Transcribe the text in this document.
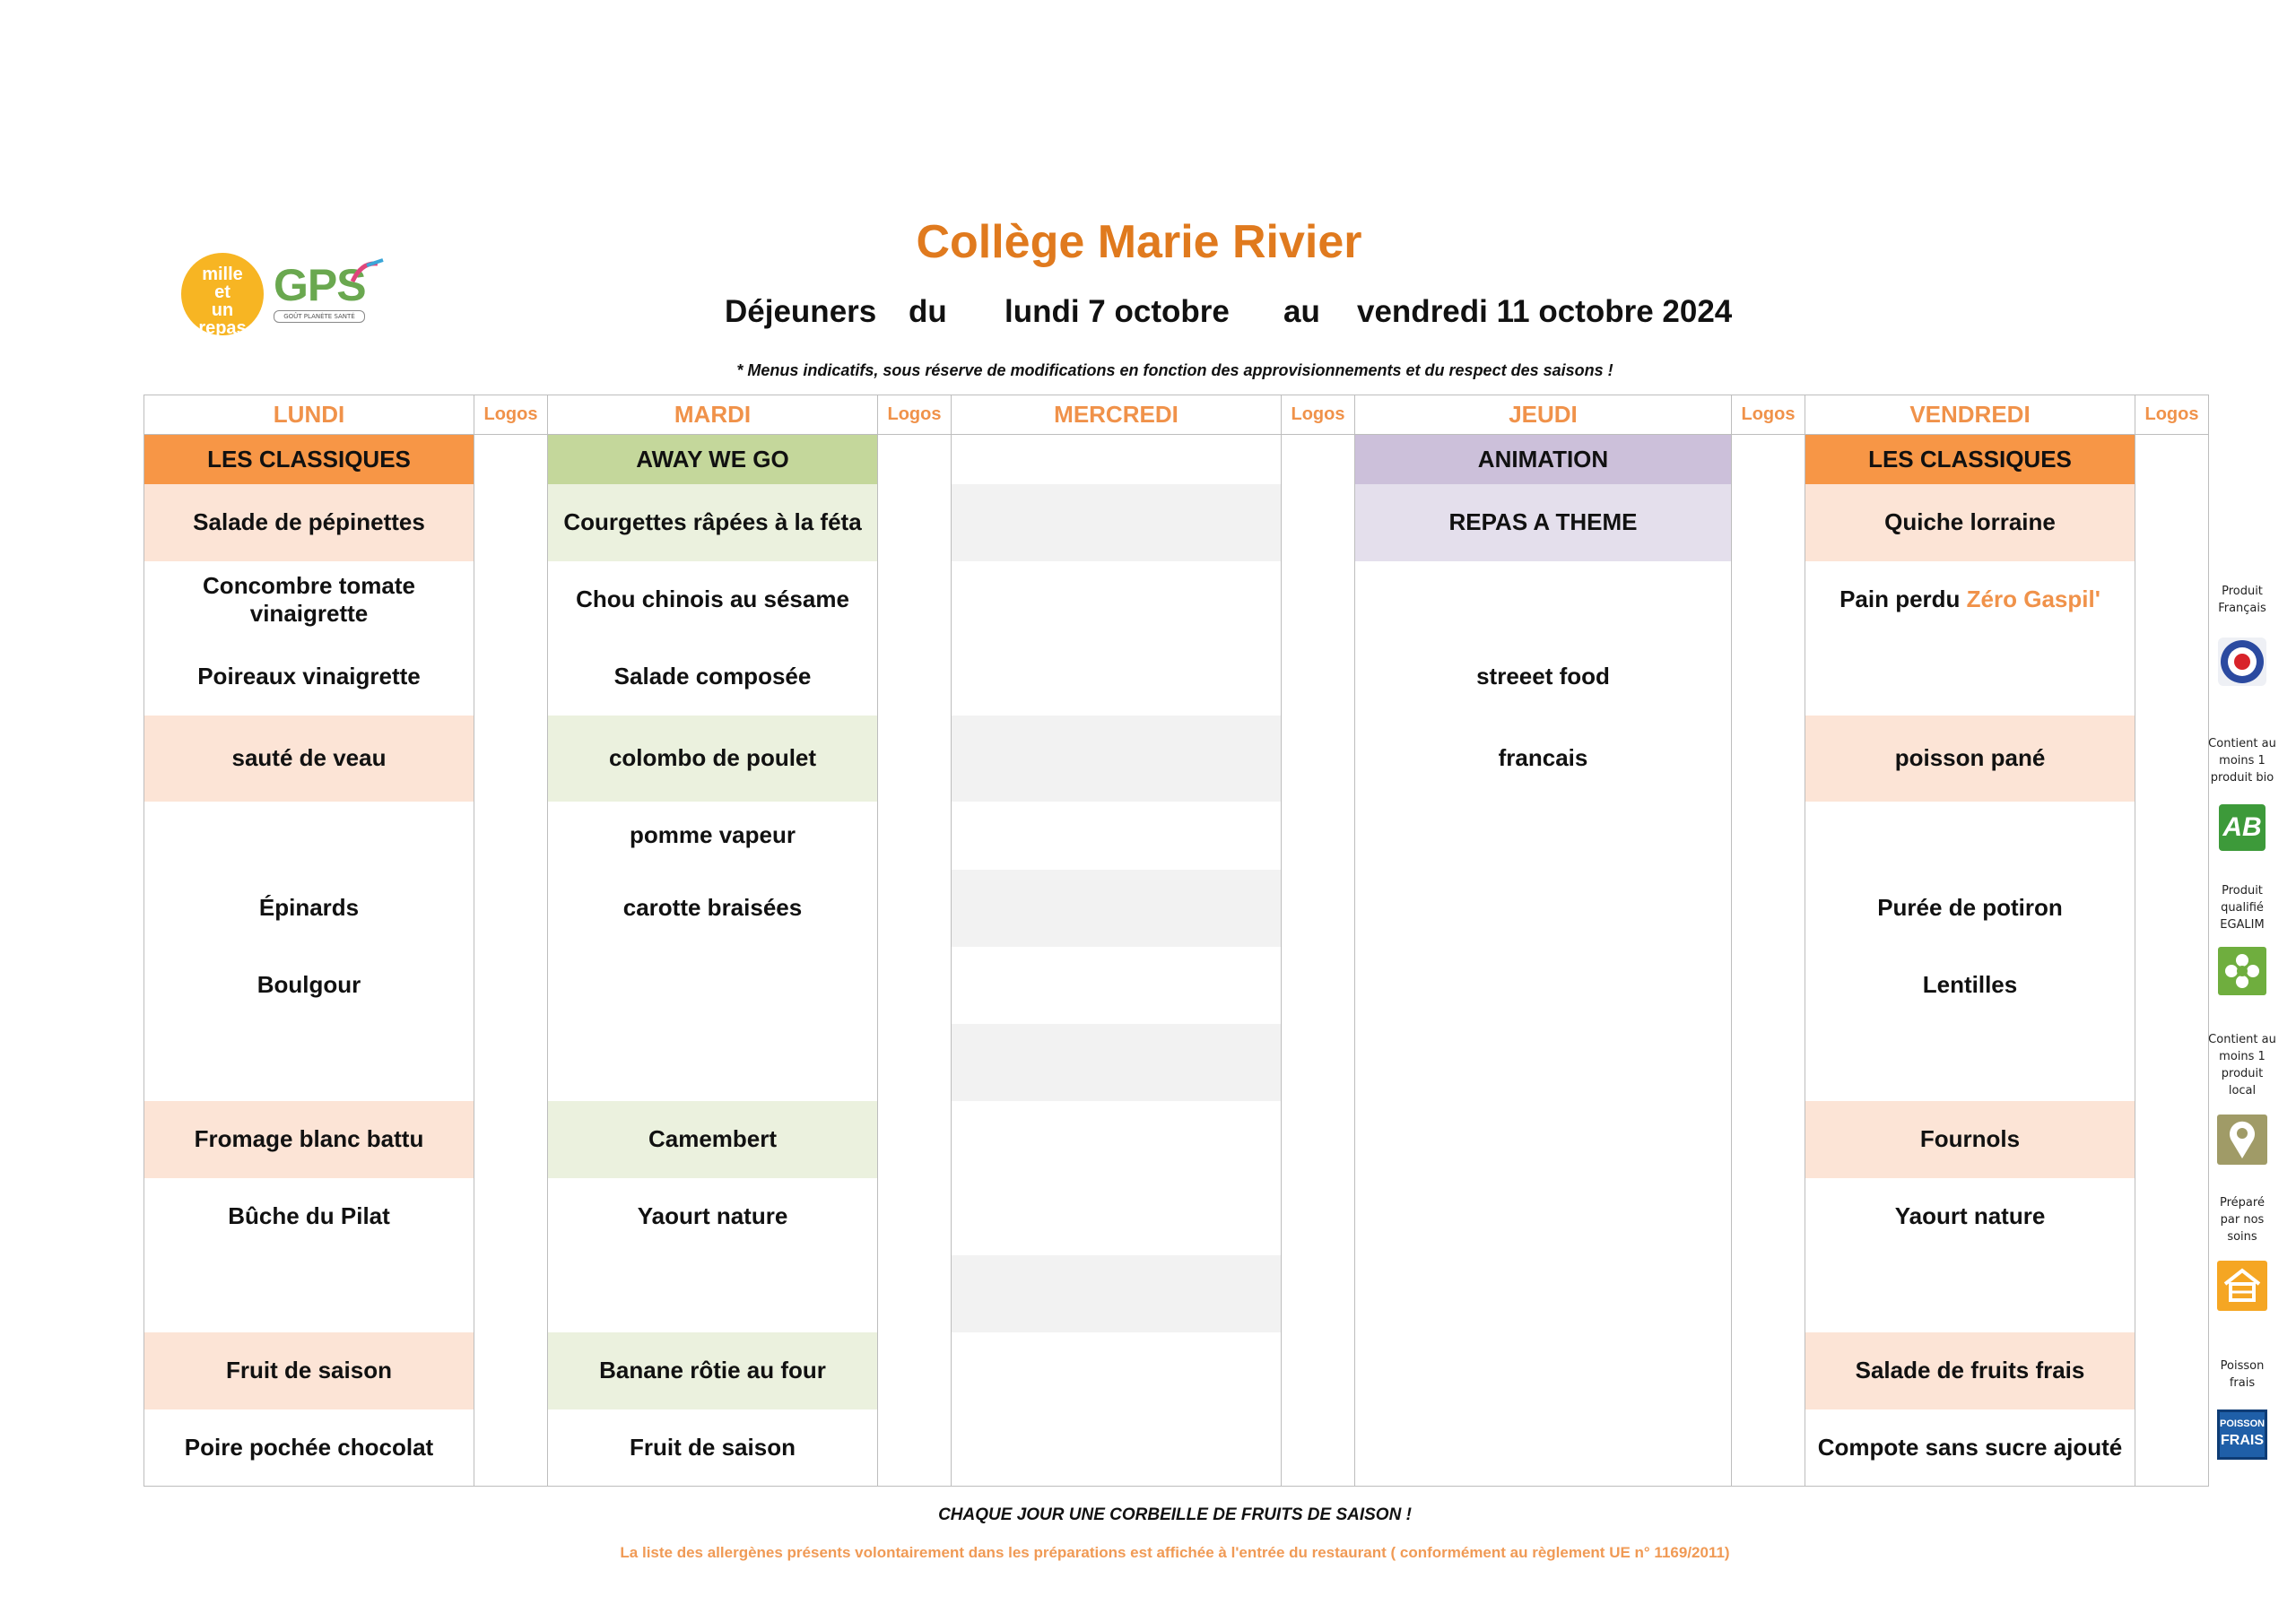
mille et un repas
GPS
GOÛT PLANÈTE SANTÉ
Collège Marie Rivier
Déjeuners du lundi 7 octobre au vendredi 11 octobre 2024
* Menus indicatifs, sous réserve de modifications en fonction des approvisionnements et du respect des saisons !
LUNDI	Logos	MARDI	Logos	MERCREDI	Logos	JEUDI	Logos	VENDREDI	Logos
LES CLASSIQUES		AWAY WE GO				ANIMATION		LES CLASSIQUES	
Salade de pépinettes		Courgettes râpées à la féta				REPAS A THEME		Quiche lorraine	
Concombre tomate vinaigrette		Chou chinois au sésame						Pain perdu Zéro Gaspil'	
Poireaux vinaigrette		Salade composée				streeet food			
sauté de veau		colombo de poulet				francais		poisson pané	
		pomme vapeur							
Épinards		carotte braisées						Purée de potiron	
Boulgour								Lentilles	

Fromage blanc battu		Camembert						Fournols	
Bûche du Pilat		Yaourt nature						Yaourt nature	

Fruit de saison		Banane rôtie au four						Salade de fruits frais	
Poire pochée chocolat		Fruit de saison						Compote sans sucre ajouté	
Produit Français
Contient au moins 1 produit bio
AB
Produit qualifié EGALIM
Contient au moins 1 produit local
Préparé par nos soins
Poisson frais
POISSON
FRAIS
CHAQUE JOUR UNE CORBEILLE DE FRUITS DE SAISON !
La liste des allergènes présents volontairement dans les préparations est affichée à l'entrée du restaurant ( conformément au règlement UE n° 1169/2011)
